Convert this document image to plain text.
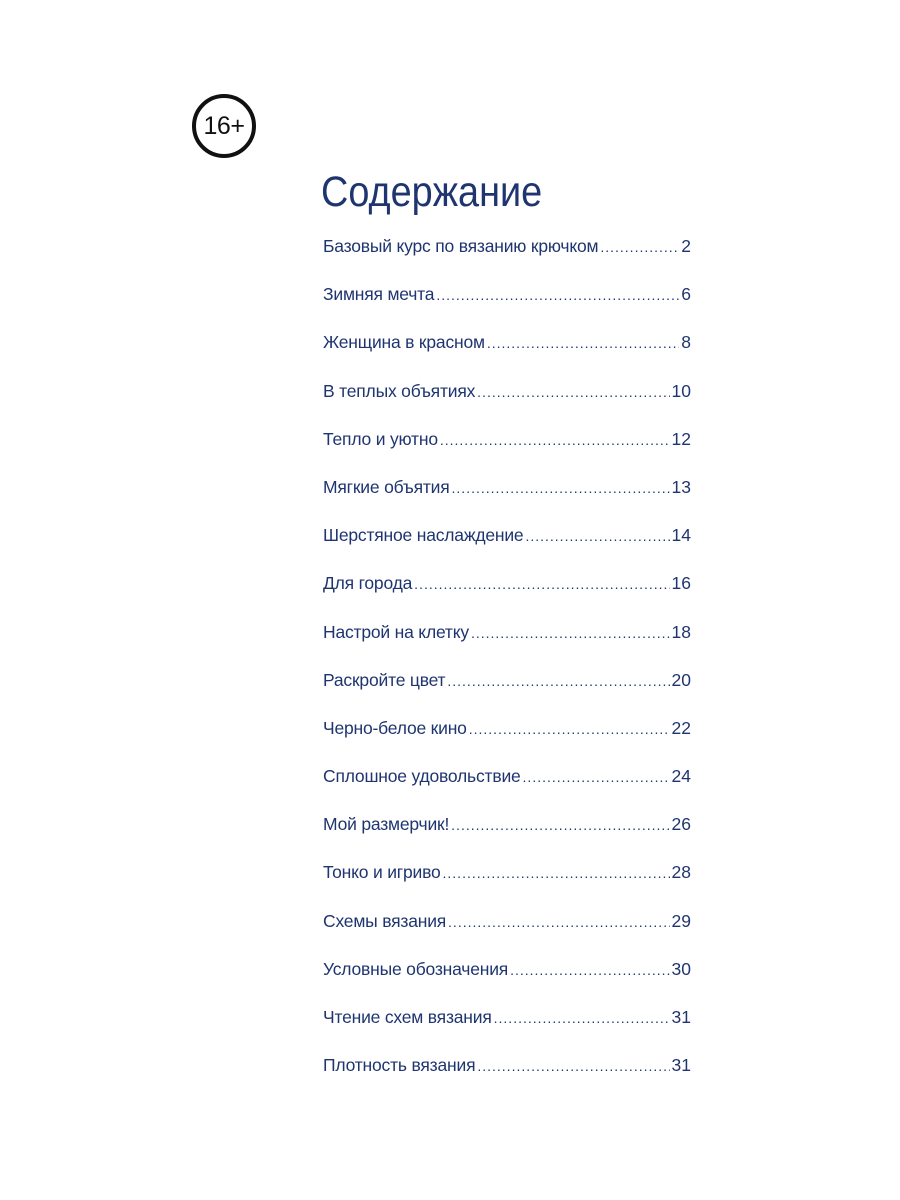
16+
Содержание
Базовый курс по вязанию крючком .....	2
Зимняя мечта .....	6
Женщина в красном .....	8
В теплых объятиях .....	10
Тепло и уютно .....	12
Мягкие объятия .....	13
Шерстяное наслаждение .....	14
Для города .....	16
Настрой на клетку .....	18
Раскройте цвет .....	20
Черно-белое кино .....	22
Сплошное удовольствие .....	24
Мой размерчик! .....	26
Тонко и игриво .....	28
Схемы вязания .....	29
Условные обозначения .....	30
Чтение схем вязания .....	31
Плотность вязания .....	31
